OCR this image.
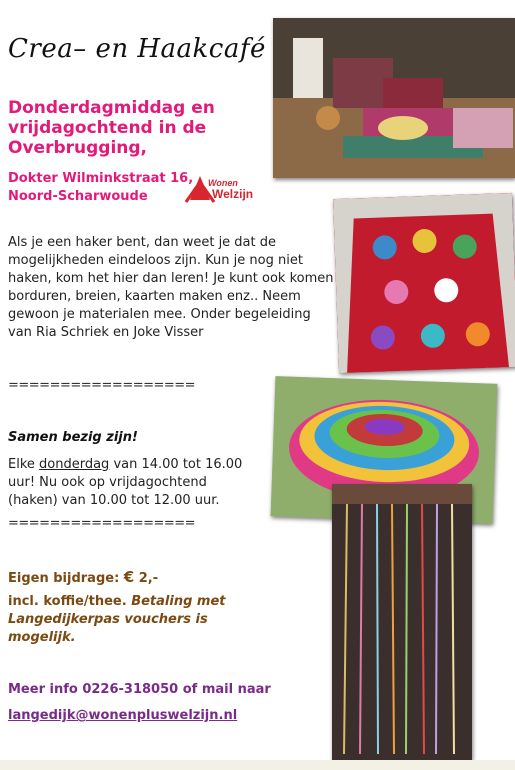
Crea– en Haakcafé
Donderdagmiddag en vrijdagochtend in de Overbrugging,
Dokter Wilminkstraat 16,
Noord-Scharwoude
Wonen
Welzijn
Als je een haker bent, dan weet je dat de mogelijkheden eindeloos zijn. Kun je nog niet haken, kom het hier dan leren! Je kunt ook komen borduren, breien, kaarten maken enz.. Neem gewoon je materialen mee. Onder begeleiding van Ria Schriek en Joke Visser
==================
Samen bezig zijn!
Elke donderdag van 14.00 tot 16.00 uur! Nu ook op vrijdagochtend (haken) van 10.00 tot 12.00 uur.
==================
Eigen bijdrage: € 2,-
incl. koffie/thee. Betaling met Langedijkerpas vouchers is mogelijk.
Meer info 0226-318050 of mail naar
langedijk@wonenpluswelzijn.nl
